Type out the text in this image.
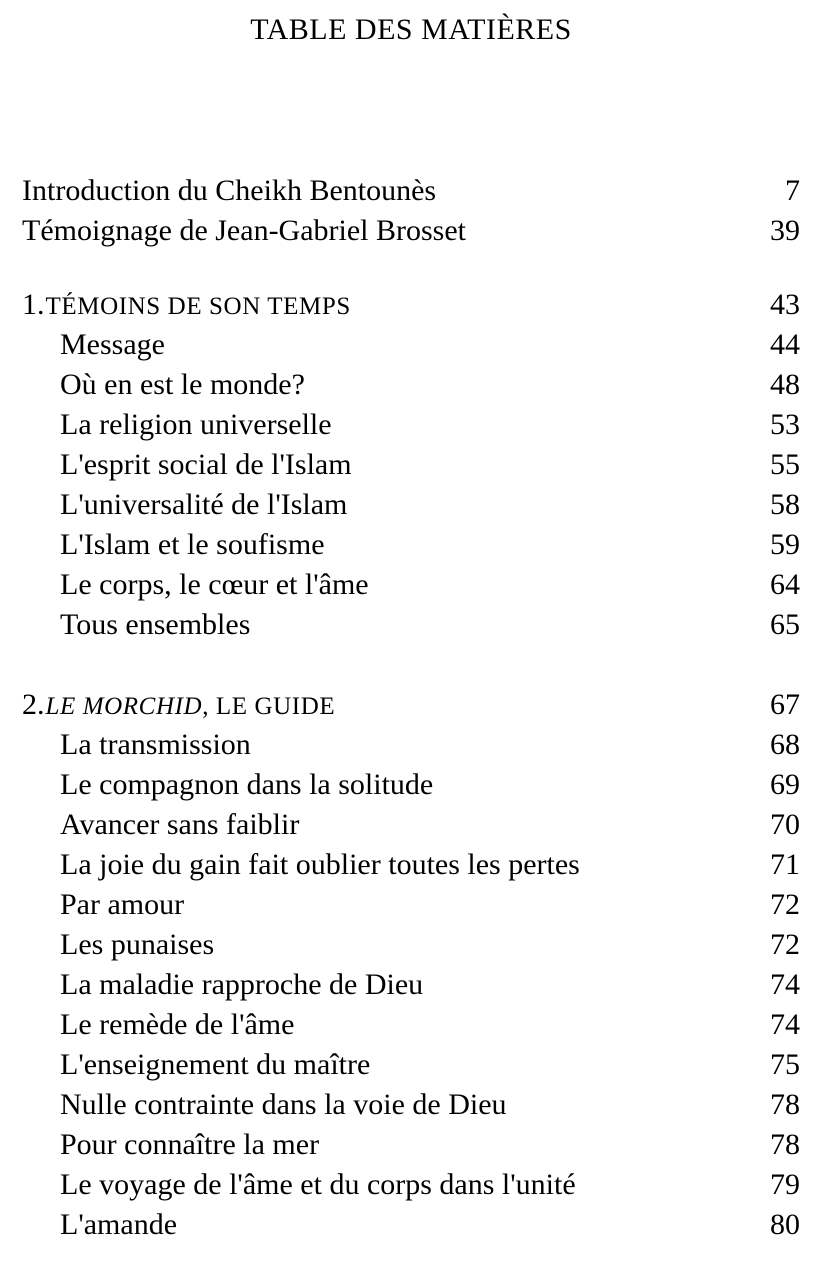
TABLE DES MATIÈRES
Introduction du Cheikh Bentounès	7
Témoignage de Jean-Gabriel Brosset	39
1.TÉMOINS DE SON TEMPS	43
Message	44
Où en est le monde?	48
La religion universelle	53
L'esprit social de l'Islam	55
L'universalité de l'Islam	58
L'Islam et le soufisme	59
Le corps, le cœur et l'âme	64
Tous ensembles	65
2.LE MORCHID, LE GUIDE	67
La transmission	68
Le compagnon dans la solitude	69
Avancer sans faiblir	70
La joie du gain fait oublier toutes les pertes	71
Par amour	72
Les punaises	72
La maladie rapproche de Dieu	74
Le remède de l'âme	74
L'enseignement du maître	75
Nulle contrainte dans la voie de Dieu	78
Pour connaître la mer	78
Le voyage de l'âme et du corps dans l'unité	79
L'amande	80
